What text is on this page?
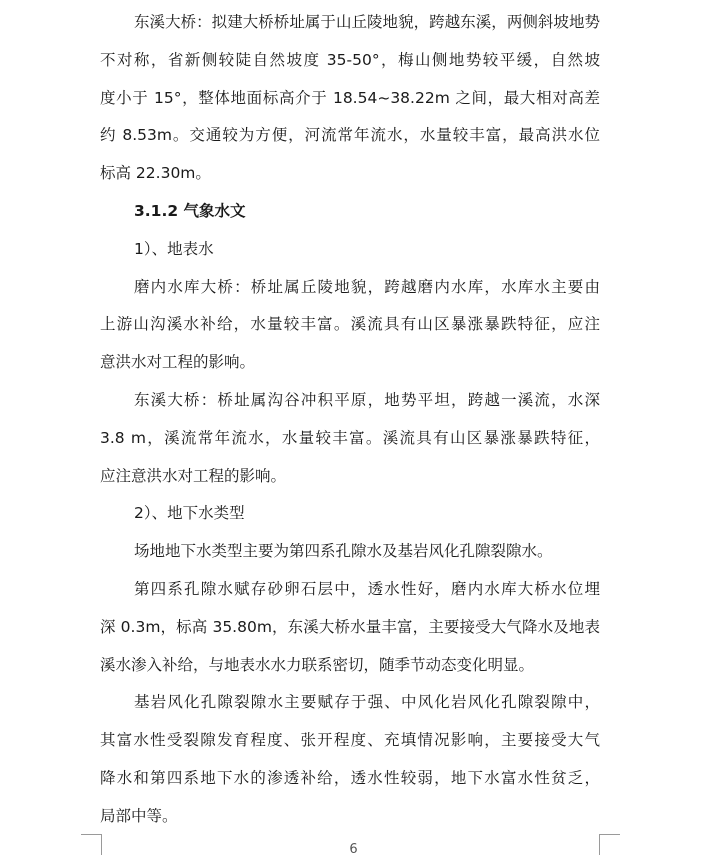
东溪大桥：拟建大桥桥址属于山丘陵地貌，跨越东溪，两侧斜坡地势
不对称，省新侧较陡自然坡度 35-50°，梅山侧地势较平缓，自然坡
度小于 15°，整体地面标高介于 18.54~38.22m 之间，最大相对高差
约 8.53m。交通较为方便，河流常年流水，水量较丰富，最高洪水位
标高 22.30m。
3.1.2 气象水文
1）、地表水
磨内水库大桥：桥址属丘陵地貌，跨越磨内水库，水库水主要由
上游山沟溪水补给，水量较丰富。溪流具有山区暴涨暴跌特征，应注
意洪水对工程的影响。
东溪大桥：桥址属沟谷冲积平原，地势平坦，跨越一溪流，水深
3.8 m，溪流常年流水，水量较丰富。溪流具有山区暴涨暴跌特征，
应注意洪水对工程的影响。
2）、地下水类型
场地地下水类型主要为第四系孔隙水及基岩风化孔隙裂隙水。
第四系孔隙水赋存砂卵石层中，透水性好，磨内水库大桥水位埋
深 0.3m，标高 35.80m，东溪大桥水量丰富，主要接受大气降水及地表
溪水渗入补给，与地表水水力联系密切，随季节动态变化明显。
基岩风化孔隙裂隙水主要赋存于强、中风化岩风化孔隙裂隙中，
其富水性受裂隙发育程度、张开程度、充填情况影响，主要接受大气
降水和第四系地下水的渗透补给，透水性较弱，地下水富水性贫乏，
局部中等。
6
